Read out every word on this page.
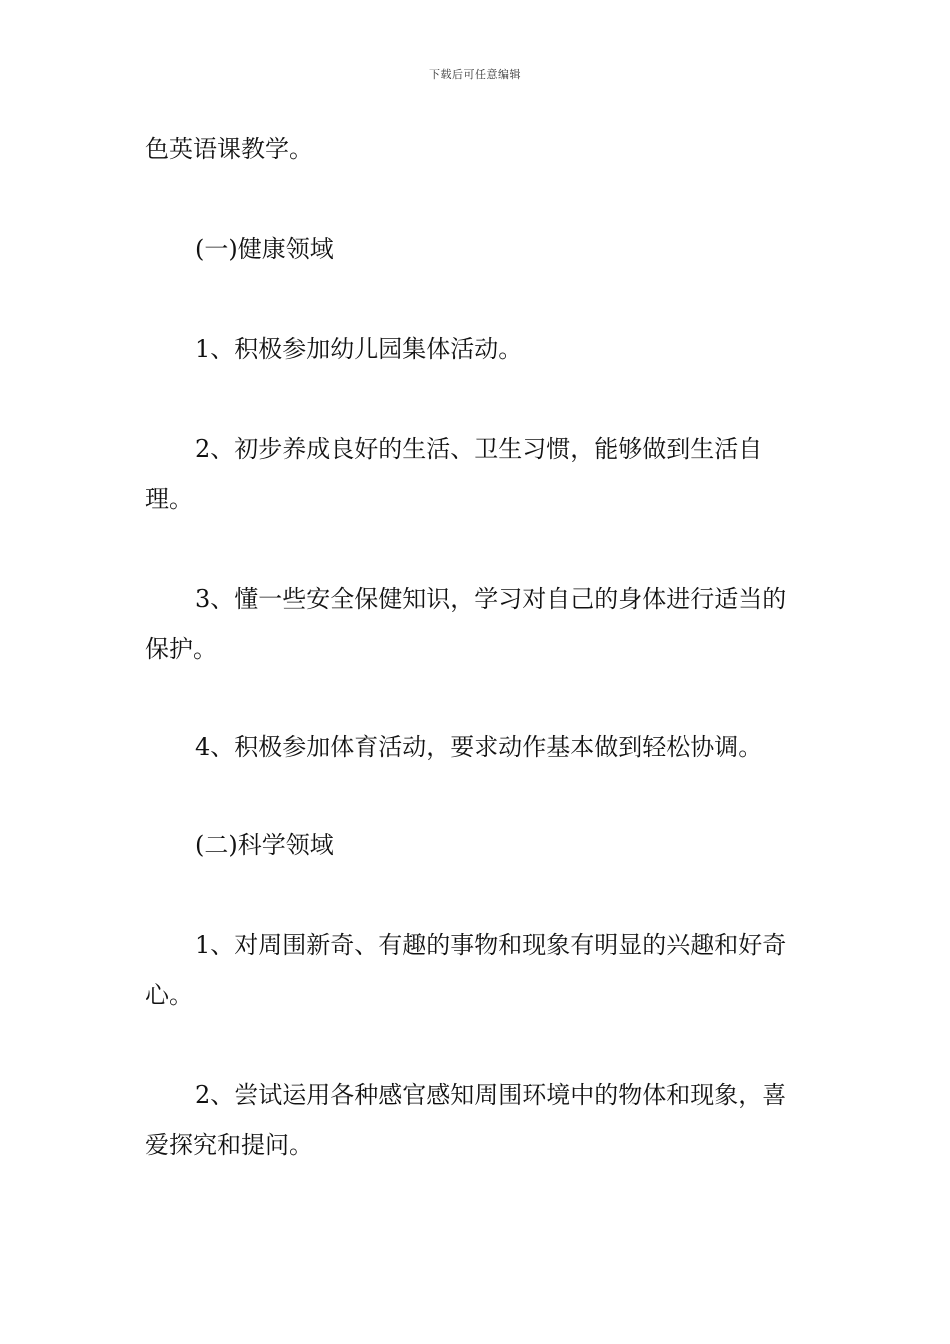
下载后可任意编辑

色英语课教学。

(一)健康领域

1、积极参加幼儿园集体活动。

2、初步养成良好的生活、卫生习惯，能够做到生活自理。

3、懂一些安全保健知识，学习对自己的身体进行适当的保护。

4、积极参加体育活动，要求动作基本做到轻松协调。

(二)科学领域

1、对周围新奇、有趣的事物和现象有明显的兴趣和好奇心。

2、尝试运用各种感官感知周围环境中的物体和现象，喜爱探究和提问。
